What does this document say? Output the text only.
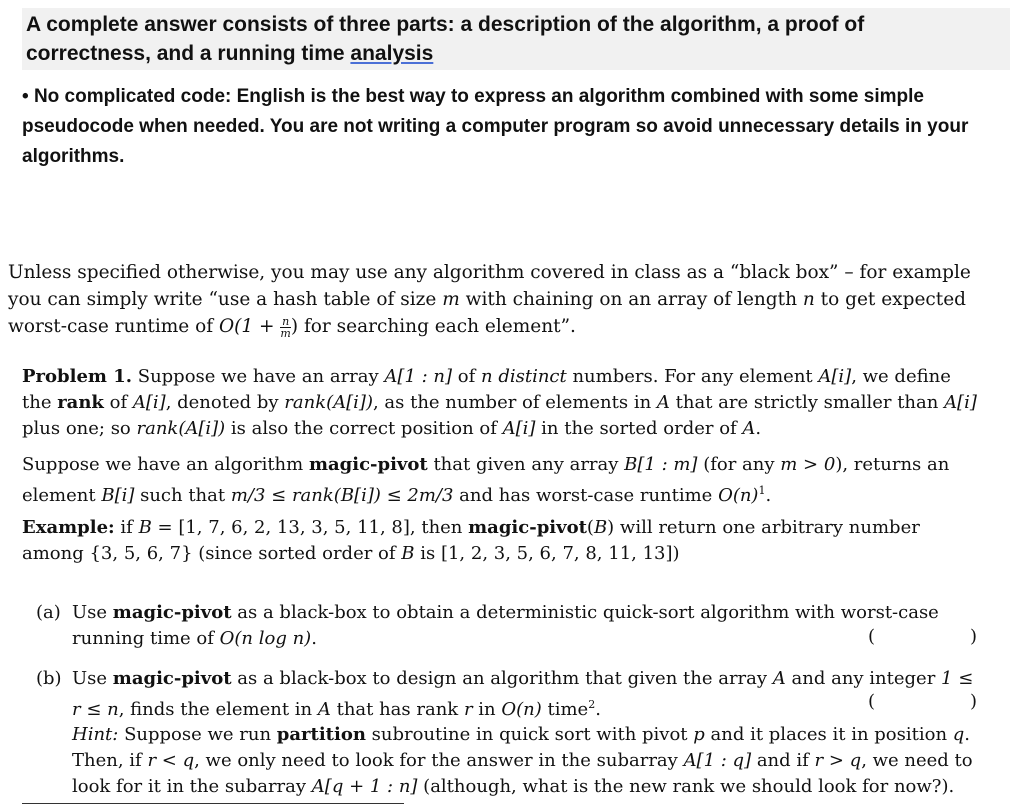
A complete answer consists of three parts: a description of the algorithm, a proof of
correctness, and a running time analysis
• No complicated code: English is the best way to express an algorithm combined with some simple pseudocode when needed. You are not writing a computer program so avoid unnecessary details in your algorithms.
Unless specified otherwise, you may use any algorithm covered in class as a “black box” – for example you can simply write “use a hash table of size m with chaining on an array of length n to get expected worst-case runtime of $O(1 + \frac{n}{m}$ ) for searching each element”.
Problem 1. Suppose we have an array A[1 : n] of n distinct numbers. For any element A[i], we define the rank of A[i], denoted by rank(A[i]), as the number of elements in A that are strictly smaller than A[i] plus one; so rank(A[i]) is also the correct position of A[i] in the sorted order of A.
Suppose we have an algorithm magic-pivot that given any array B[1 : m] (for any m > 0), returns an element B[i] such that m/3 ≤ rank(B[i]) ≤ 2m/3 and has worst-case runtime $O(n)^1$.
Example: if B = [1, 7, 6, 2, 13, 3, 5, 11, 8], then magic-pivot(B) will return one arbitrary number among {3, 5, 6, 7} (since sorted order of B is [1, 2, 3, 5, 6, 7, 8, 11, 13])
(a) Use magic-pivot as a black-box to obtain a deterministic quick-sort algorithm with worst-case running time of O(n log n).	(	)
(b) Use magic-pivot as a black-box to design an algorithm that given the array A and any integer 1 ≤ r ≤ n, finds the element in A that has rank r in O(n) time$^2$.	(	)
Hint: Suppose we run partition subroutine in quick sort with pivot p and it places it in position q. Then, if r < q, we only need to look for the answer in the subarray A[1 : q] and if r > q, we need to look for it in the subarray A[q + 1 : n] (although, what is the new rank we should look for now?).
